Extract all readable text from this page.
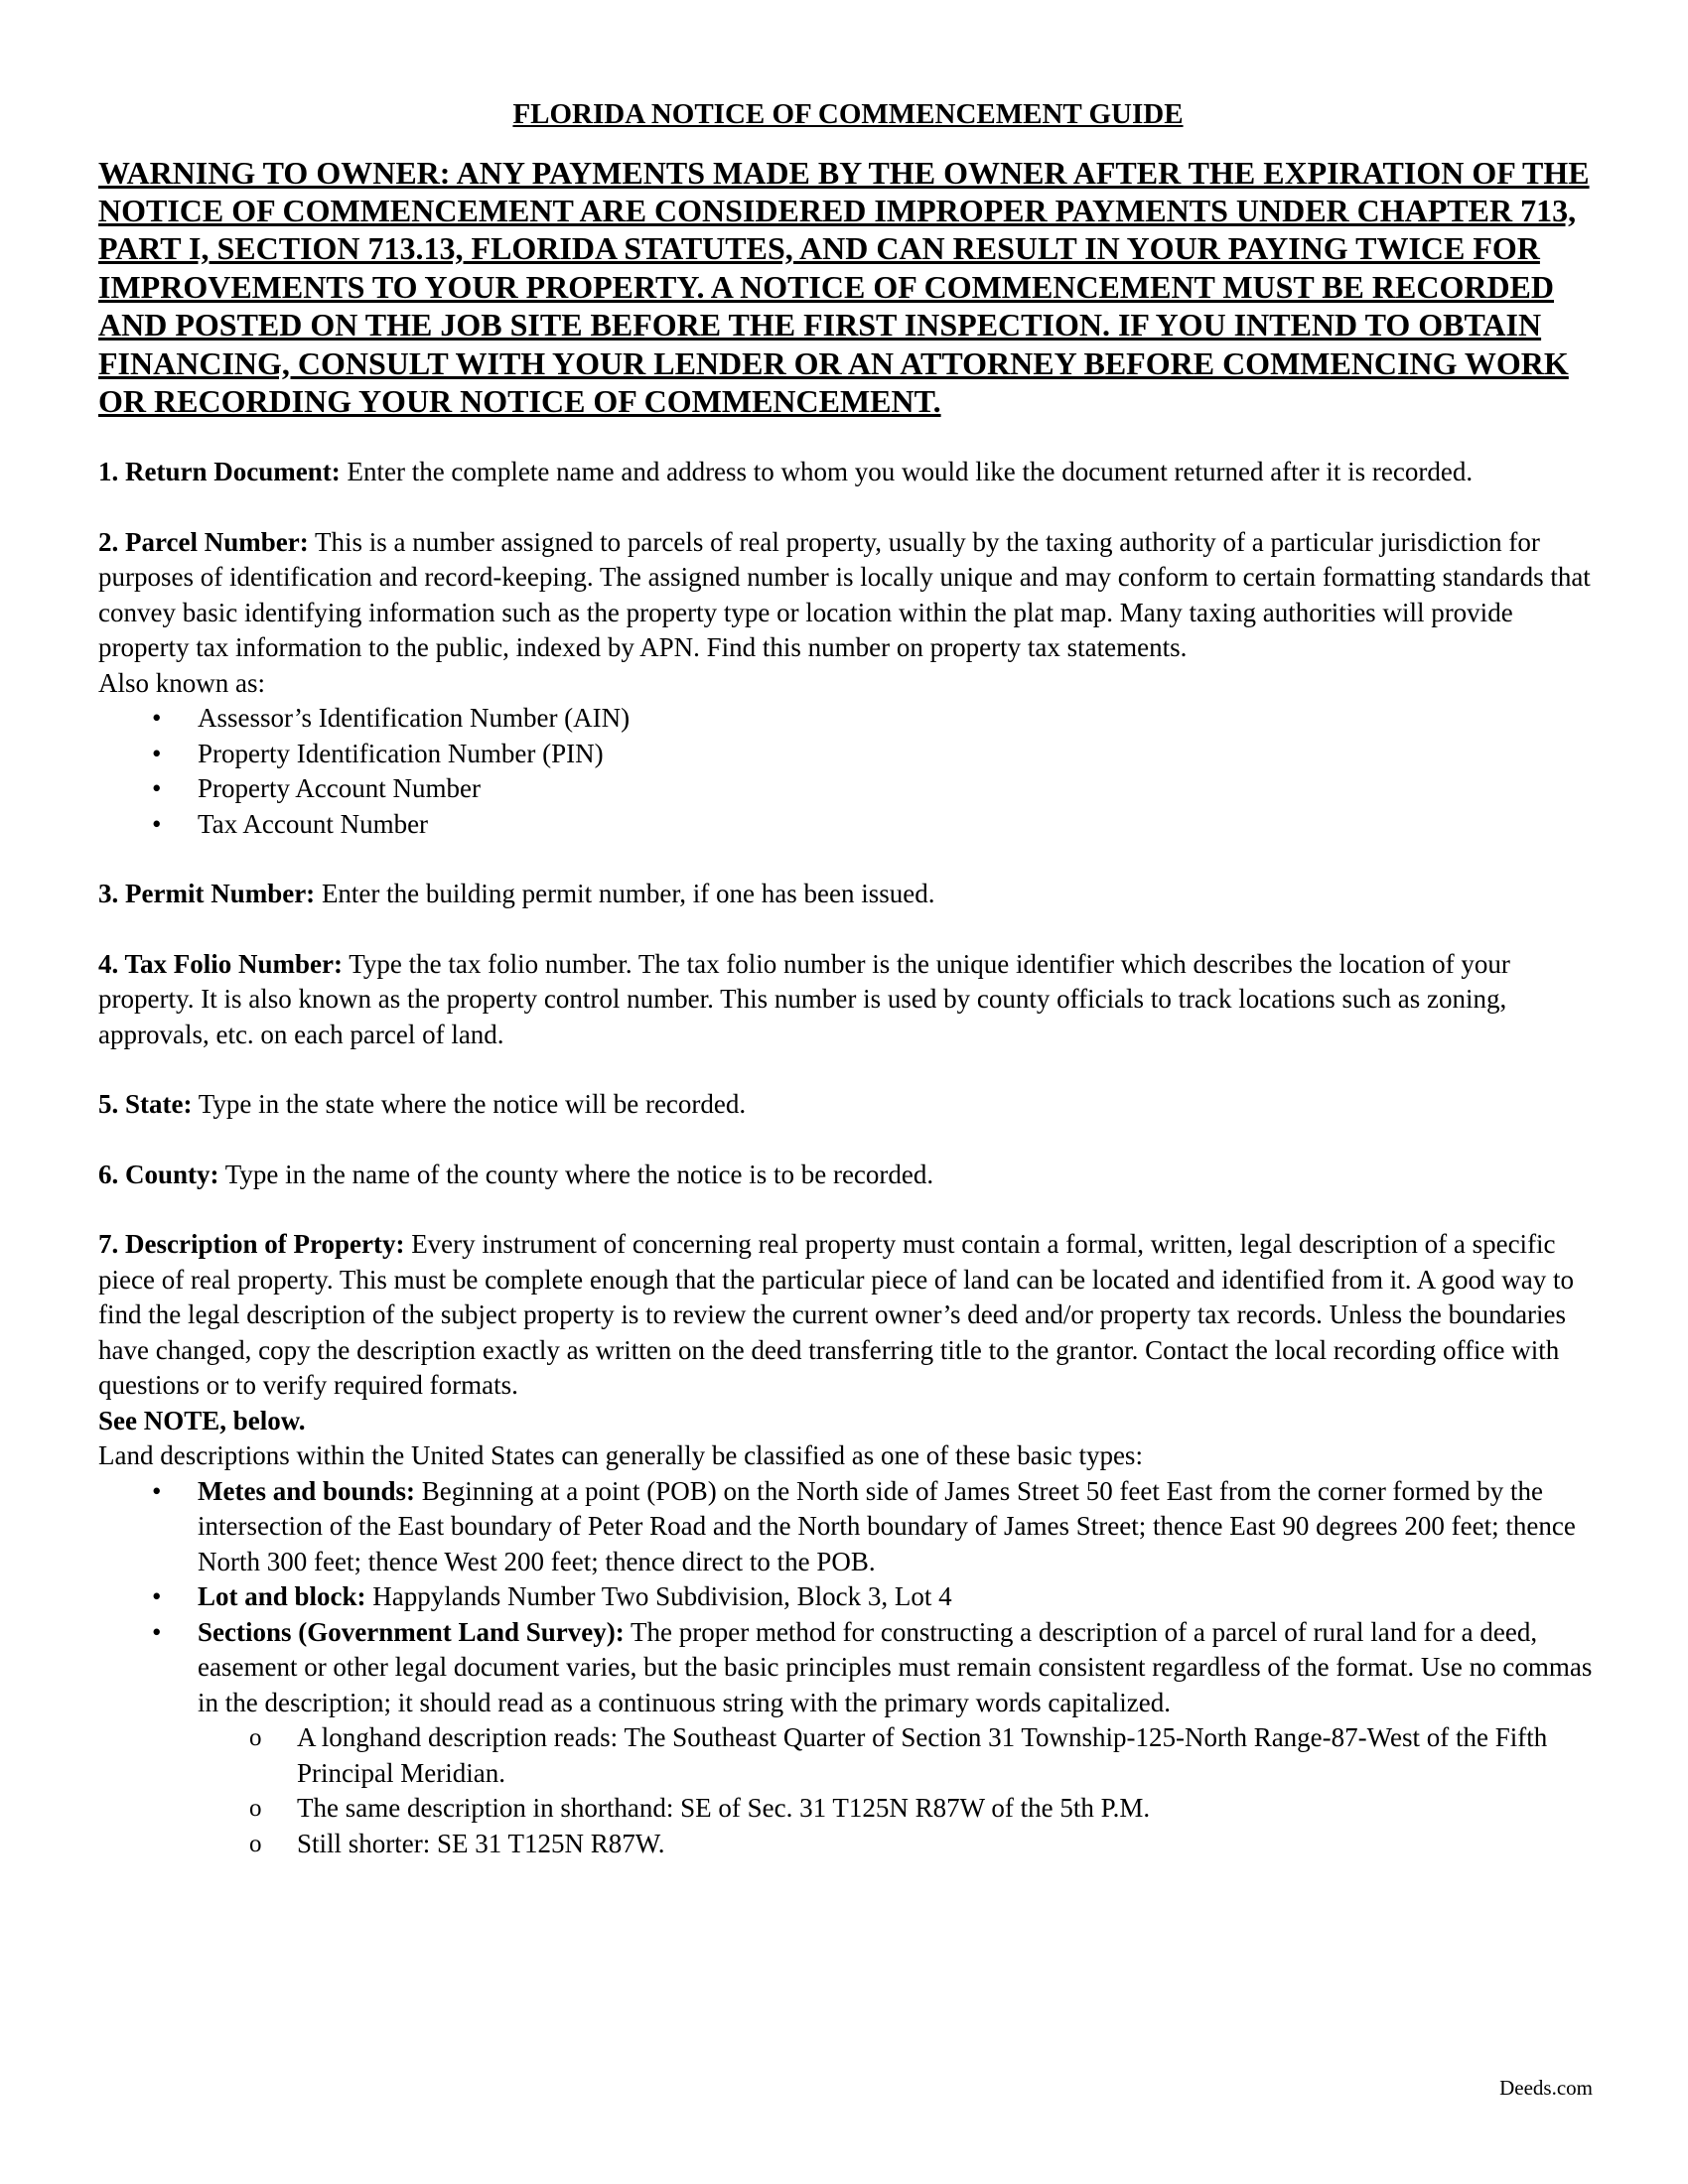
FLORIDA NOTICE OF COMMENCEMENT GUIDE
WARNING TO OWNER: ANY PAYMENTS MADE BY THE OWNER AFTER THE EXPIRATION OF THE NOTICE OF COMMENCEMENT ARE CONSIDERED IMPROPER PAYMENTS UNDER CHAPTER 713, PART I, SECTION 713.13, FLORIDA STATUTES, AND CAN RESULT IN YOUR PAYING TWICE FOR IMPROVEMENTS TO YOUR PROPERTY. A NOTICE OF COMMENCEMENT MUST BE RECORDED AND POSTED ON THE JOB SITE BEFORE THE FIRST INSPECTION. IF YOU INTEND TO OBTAIN FINANCING, CONSULT WITH YOUR LENDER OR AN ATTORNEY BEFORE COMMENCING WORK OR RECORDING YOUR NOTICE OF COMMENCEMENT.

1. Return Document: Enter the complete name and address to whom you would like the document returned after it is recorded.

2. Parcel Number: This is a number assigned to parcels of real property, usually by the taxing authority of a particular jurisdiction for purposes of identification and record-keeping. The assigned number is locally unique and may conform to certain formatting standards that convey basic identifying information such as the property type or location within the plat map. Many taxing authorities will provide property tax information to the public, indexed by APN. Find this number on property tax statements.

Also known as:

• Assessor’s Identification Number (AIN)
• Property Identification Number (PIN)
• Property Account Number
• Tax Account Number

3. Permit Number: Enter the building permit number, if one has been issued.

4. Tax Folio Number: Type the tax folio number. The tax folio number is the unique identifier which describes the location of your property. It is also known as the property control number. This number is used by county officials to track locations such as zoning, approvals, etc. on each parcel of land.

5. State: Type in the state where the notice will be recorded.

6. County: Type in the name of the county where the notice is to be recorded.

7. Description of Property: Every instrument of concerning real property must contain a formal, written, legal description of a specific piece of real property. This must be complete enough that the particular piece of land can be located and identified from it. A good way to find the legal description of the subject property is to review the current owner’s deed and/or property tax records. Unless the boundaries have changed, copy the description exactly as written on the deed transferring title to the grantor. Contact the local recording office with questions or to verify required formats.

See NOTE, below.

Land descriptions within the United States can generally be classified as one of these basic types:

• Metes and bounds: Beginning at a point (POB) on the North side of James Street 50 feet East from the corner formed by the intersection of the East boundary of Peter Road and the North boundary of James Street; thence East 90 degrees 200 feet; thence North 300 feet; thence West 200 feet; thence direct to the POB.
• Lot and block: Happylands Number Two Subdivision, Block 3, Lot 4
• Sections (Government Land Survey): The proper method for constructing a description of a parcel of rural land for a deed, easement or other legal document varies, but the basic principles must remain consistent regardless of the format. Use no commas in the description; it should read as a continuous string with the primary words capitalized.
o A longhand description reads: The Southeast Quarter of Section 31 Township-125-North Range-87-West of the Fifth Principal Meridian.
o The same description in shorthand: SE of Sec. 31 T125N R87W of the 5th P.M.
o Still shorter: SE 31 T125N R87W.
Deeds.com
